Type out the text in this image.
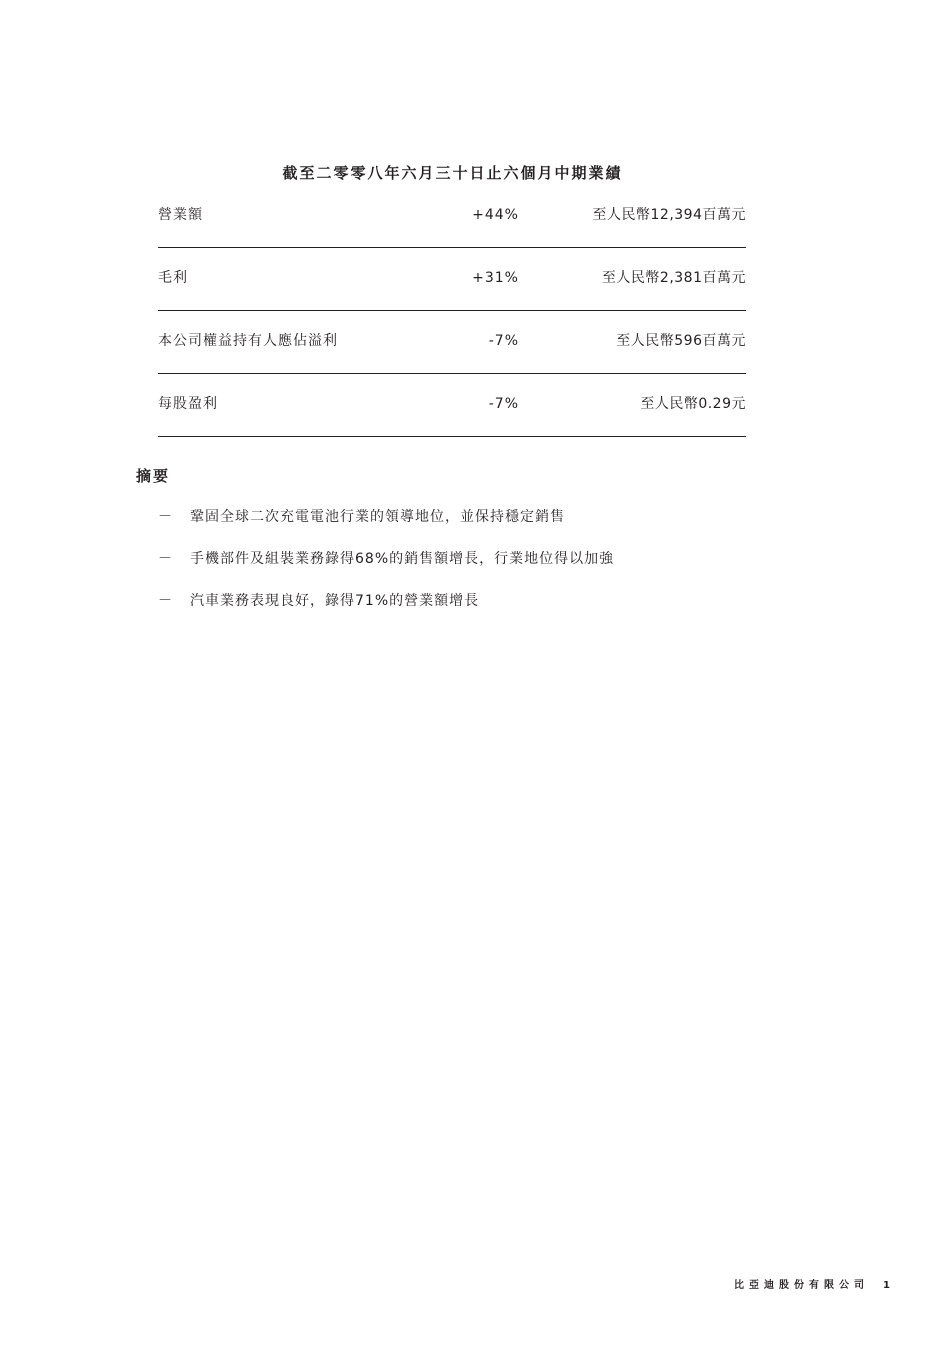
截至二零零八年六月三十日止六個月中期業績
營業額	+44%	至人民幣12,394百萬元
毛利	+31%	至人民幣2,381百萬元
本公司權益持有人應佔溢利	-7%	至人民幣596百萬元
每股盈利	-7%	至人民幣0.29元
摘要
－ 鞏固全球二次充電電池行業的領導地位，並保持穩定銷售
－ 手機部件及組裝業務錄得68%的銷售額增長，行業地位得以加強
－ 汽車業務表現良好，錄得71%的營業額增長
比亞迪股份有限公司 1
